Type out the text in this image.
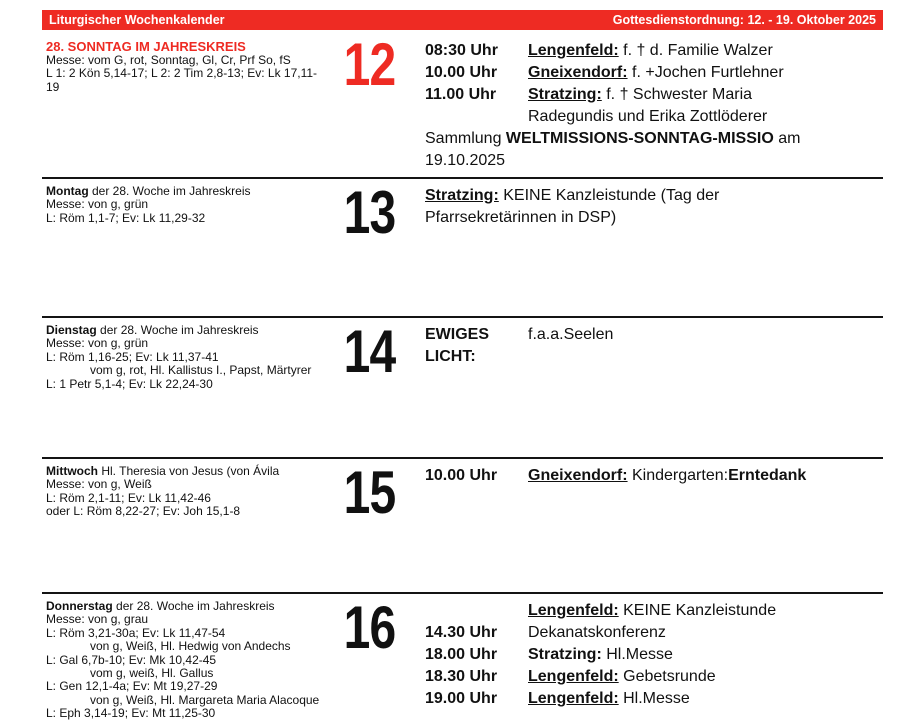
Liturgischer Wochenkalender	Gottesdienstordnung: 12. - 19. Oktober 2025
28. SONNTAG IM JAHRESKREIS
Messe: vom G, rot, Sonntag, Gl, Cr, Prf So, fS
L 1: 2 Kön 5,14-17; L 2: 2 Tim 2,8-13; Ev: Lk 17,11-
19	12	08:30 Uhr	Lengenfeld: f. † d. Familie Walzer
10.00 Uhr	Gneixendorf: f. +Jochen Furtlehner
11.00 Uhr	Stratzing: f. † Schwester Maria
Radegundis und Erika Zottlöderer
Sammlung WELTMISSIONS-SONNTAG-MISSIO am
19.10.2025
Montag der 28. Woche im Jahreskreis
Messe: von g, grün
L: Röm 1,1-7; Ev: Lk 11,29-32	13	Stratzing: KEINE Kanzleistunde (Tag der
Pfarrsekretärinnen in DSP)
Dienstag der 28. Woche im Jahreskreis
Messe: von g, grün
L: Röm 1,16-25; Ev: Lk 11,37-41
vom g, rot, Hl. Kallistus I., Papst, Märtyrer
L: 1 Petr 5,1-4; Ev: Lk 22,24-30	14	EWIGES LICHT:
f.a.a.Seelen
Mittwoch Hl. Theresia von Jesus (von Ávila
Messe: von g, Weiß
L: Röm 2,1-11; Ev: Lk 11,42-46
oder L: Röm 8,22-27; Ev: Joh 15,1-8	15	10.00 Uhr	Gneixendorf: Kindergarten:Erntedank
Donnerstag der 28. Woche im Jahreskreis
Messe: von g, grau
L: Röm 3,21-30a; Ev: Lk 11,47-54
von g, Weiß, Hl. Hedwig von Andechs
L: Gal 6,7b-10; Ev: Mk 10,42-45
vom g, weiß, Hl. Gallus
L: Gen 12,1-4a; Ev: Mt 19,27-29
von g, Weiß, Hl. Margareta Maria Alacoque
L: Eph 3,14-19; Ev: Mt 11,25-30
16	Lengenfeld: KEINE Kanzleistunde
14.30 Uhr	Dekanatskonferenz
18.00 Uhr	Stratzing: Hl.Messe
18.30 Uhr	Lengenfeld: Gebetsrunde
19.00 Uhr	Lengenfeld: Hl.Messe
